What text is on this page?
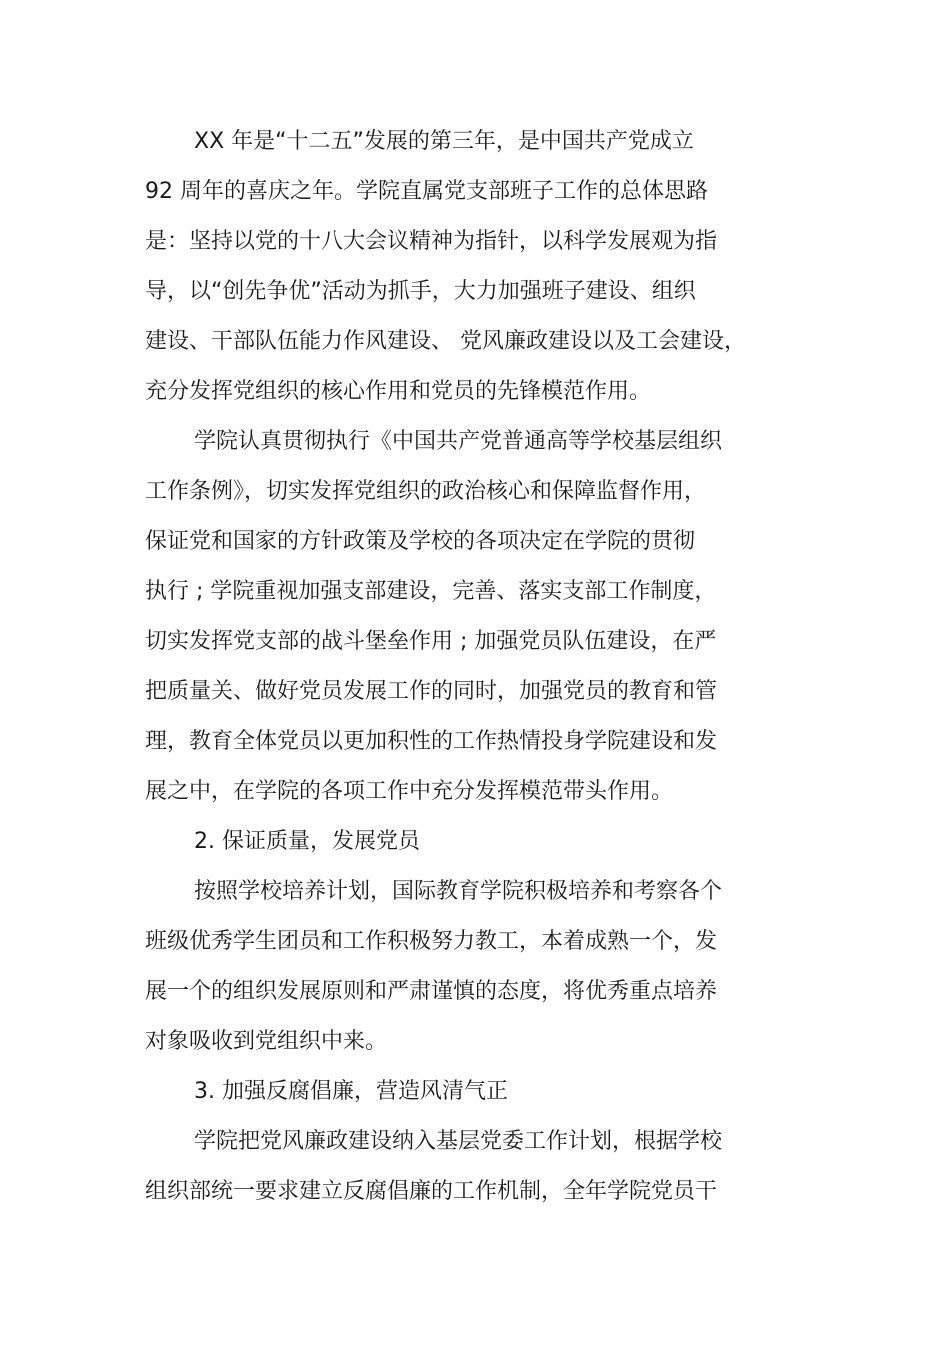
XX 年是“十二五”发展的第三年，是中国共产党成立
92 周年的喜庆之年。学院直属党支部班子工作的总体思路
是：坚持以党的十八大会议精神为指针，以科学发展观为指
导，以“创先争优”活动为抓手，大力加强班子建设、组织
建设、干部队伍能力作风建设、 党风廉政建设以及工会建设，
充分发挥党组织的核心作用和党员的先锋模范作用。
学院认真贯彻执行《中国共产党普通高等学校基层组织
工作条例》，切实发挥党组织的政治核心和保障监督作用，
保证党和国家的方针政策及学校的各项决定在学院的贯彻
执行 ; 学院重视加强支部建设，完善、落实支部工作制度，
切实发挥党支部的战斗堡垒作用 ; 加强党员队伍建设，在严
把质量关、做好党员发展工作的同时，加强党员的教育和管
理，教育全体党员以更加积性的工作热情投身学院建设和发
展之中，在学院的各项工作中充分发挥模范带头作用。
2. 保证质量，发展党员
按照学校培养计划，国际教育学院积极培养和考察各个
班级优秀学生团员和工作积极努力教工，本着成熟一个，发
展一个的组织发展原则和严肃谨慎的态度，将优秀重点培养
对象吸收到党组织中来。
3. 加强反腐倡廉，营造风清气正
学院把党风廉政建设纳入基层党委工作计划，根据学校
组织部统一要求建立反腐倡廉的工作机制，全年学院党员干
